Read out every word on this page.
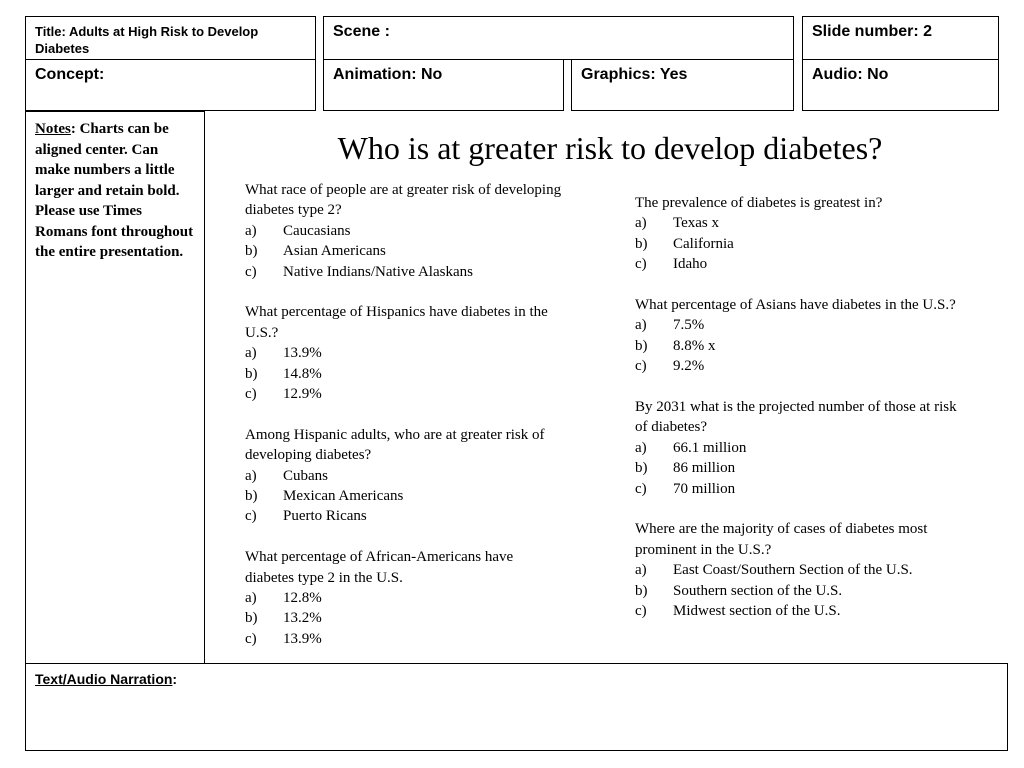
Title: Adults at High Risk to Develop Diabetes
Scene :	Slide number: 2
Concept:	Animation: No	Graphics: Yes	Audio: No
Notes: Charts can be aligned center. Can make numbers a little larger and retain bold. Please use Times Romans font throughout the entire presentation.
Who is at greater risk to develop diabetes?
What race of people are at greater risk of developing diabetes type 2?
a)	Caucasians
b)	Asian Americans
c)	Native Indians/Native Alaskans
What percentage of Hispanics have diabetes in the U.S.?
a)	13.9%
b)	14.8%
c)	12.9%
Among Hispanic adults, who are at greater risk of developing diabetes?
a)	Cubans
b)	Mexican Americans
c)	Puerto Ricans
What percentage of African-Americans have diabetes type 2 in the U.S.
a)	12.8%
b)	13.2%
c)	13.9%
The prevalence of diabetes is greatest in?
a)	Texas x
b)	California
c)	Idaho
What percentage of Asians have diabetes in the U.S.?
a)	7.5%
b)	8.8% x
c)	9.2%
By 2031 what is the projected number of those at risk of diabetes?
a)	66.1 million
b)	86 million
c)	70 million
Where are the majority of cases of diabetes most prominent in the U.S.?
a)	East Coast/Southern Section of the U.S.
b)	Southern section of the U.S.
c)	Midwest section of the U.S.
Text/Audio Narration:
